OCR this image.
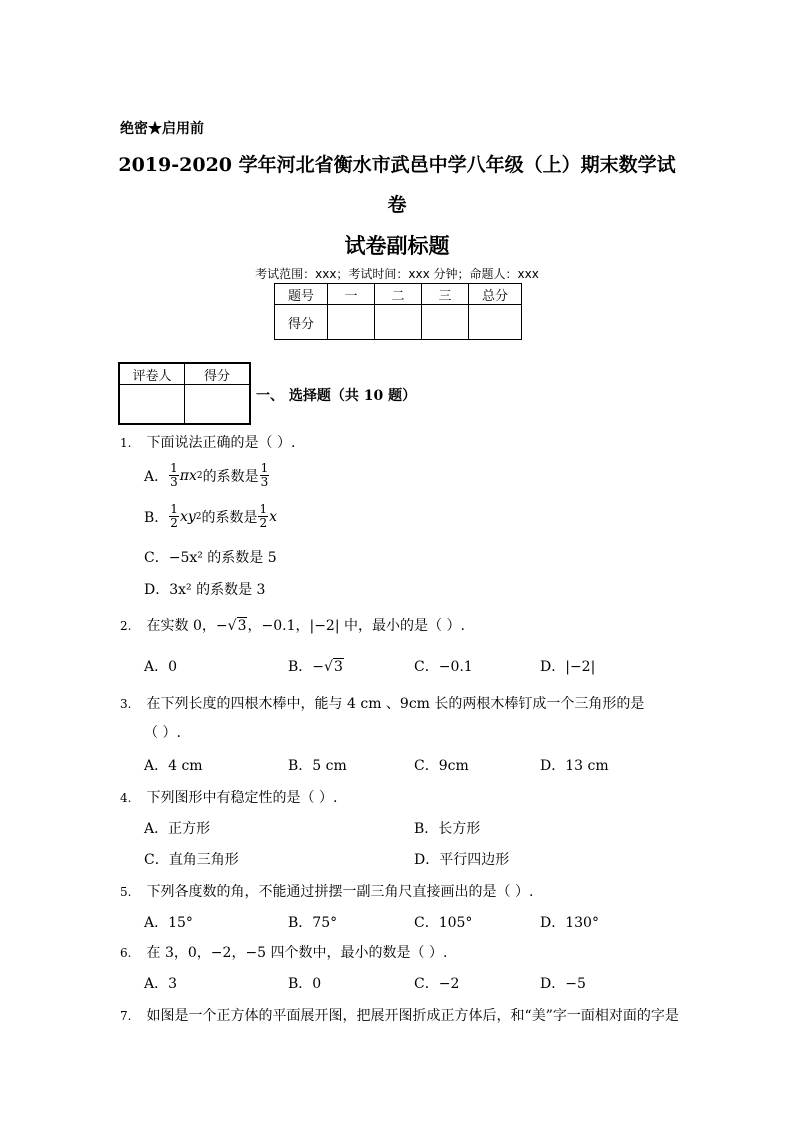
绝密★启用前
2019-2020 学年河北省衡水市武邑中学八年级（上）期末数学试
卷
试卷副标题
考试范围：xxx；考试时间：xxx 分钟；命题人：xxx
题号	一	二	三	总分
得分				
评卷人	得分

一、 选择题（共 10 题）
1. 下面说法正确的是（ ）.
A． $\frac{1}{3}$ πx 2 的系数是 $\frac{1}{3}$
B． $\frac{1}{2}$ xy 2 的系数是 $\frac{1}{2}$ x
C．−5x² 的系数是 5
D．3x² 的系数是 3
2. 在实数 0，−√3，−0.1，|−2| 中，最小的是（ ）.
A．0	B．−√3	C．−0.1	D．|−2|
3. 在下列长度的四根木棒中，能与 4 cm 、9cm 长的两根木棒钉成一个三角形的是
（ ）.
A．4 cm	B．5 cm	C．9cm	D．13 cm
4. 下列图形中有稳定性的是（ ）.
A．正方形	B．长方形
C．直角三角形	D．平行四边形
5. 下列各度数的角，不能通过拼摆一副三角尺直接画出的是（ ）.
A．15°	B．75°	C．105°	D．130°
6. 在 3，0，−2，−5 四个数中，最小的数是（ ）.
A．3	B．0	C．−2	D．−5
7. 如图是一个正方体的平面展开图，把展开图折成正方体后，和“美”字一面相对面的字是
